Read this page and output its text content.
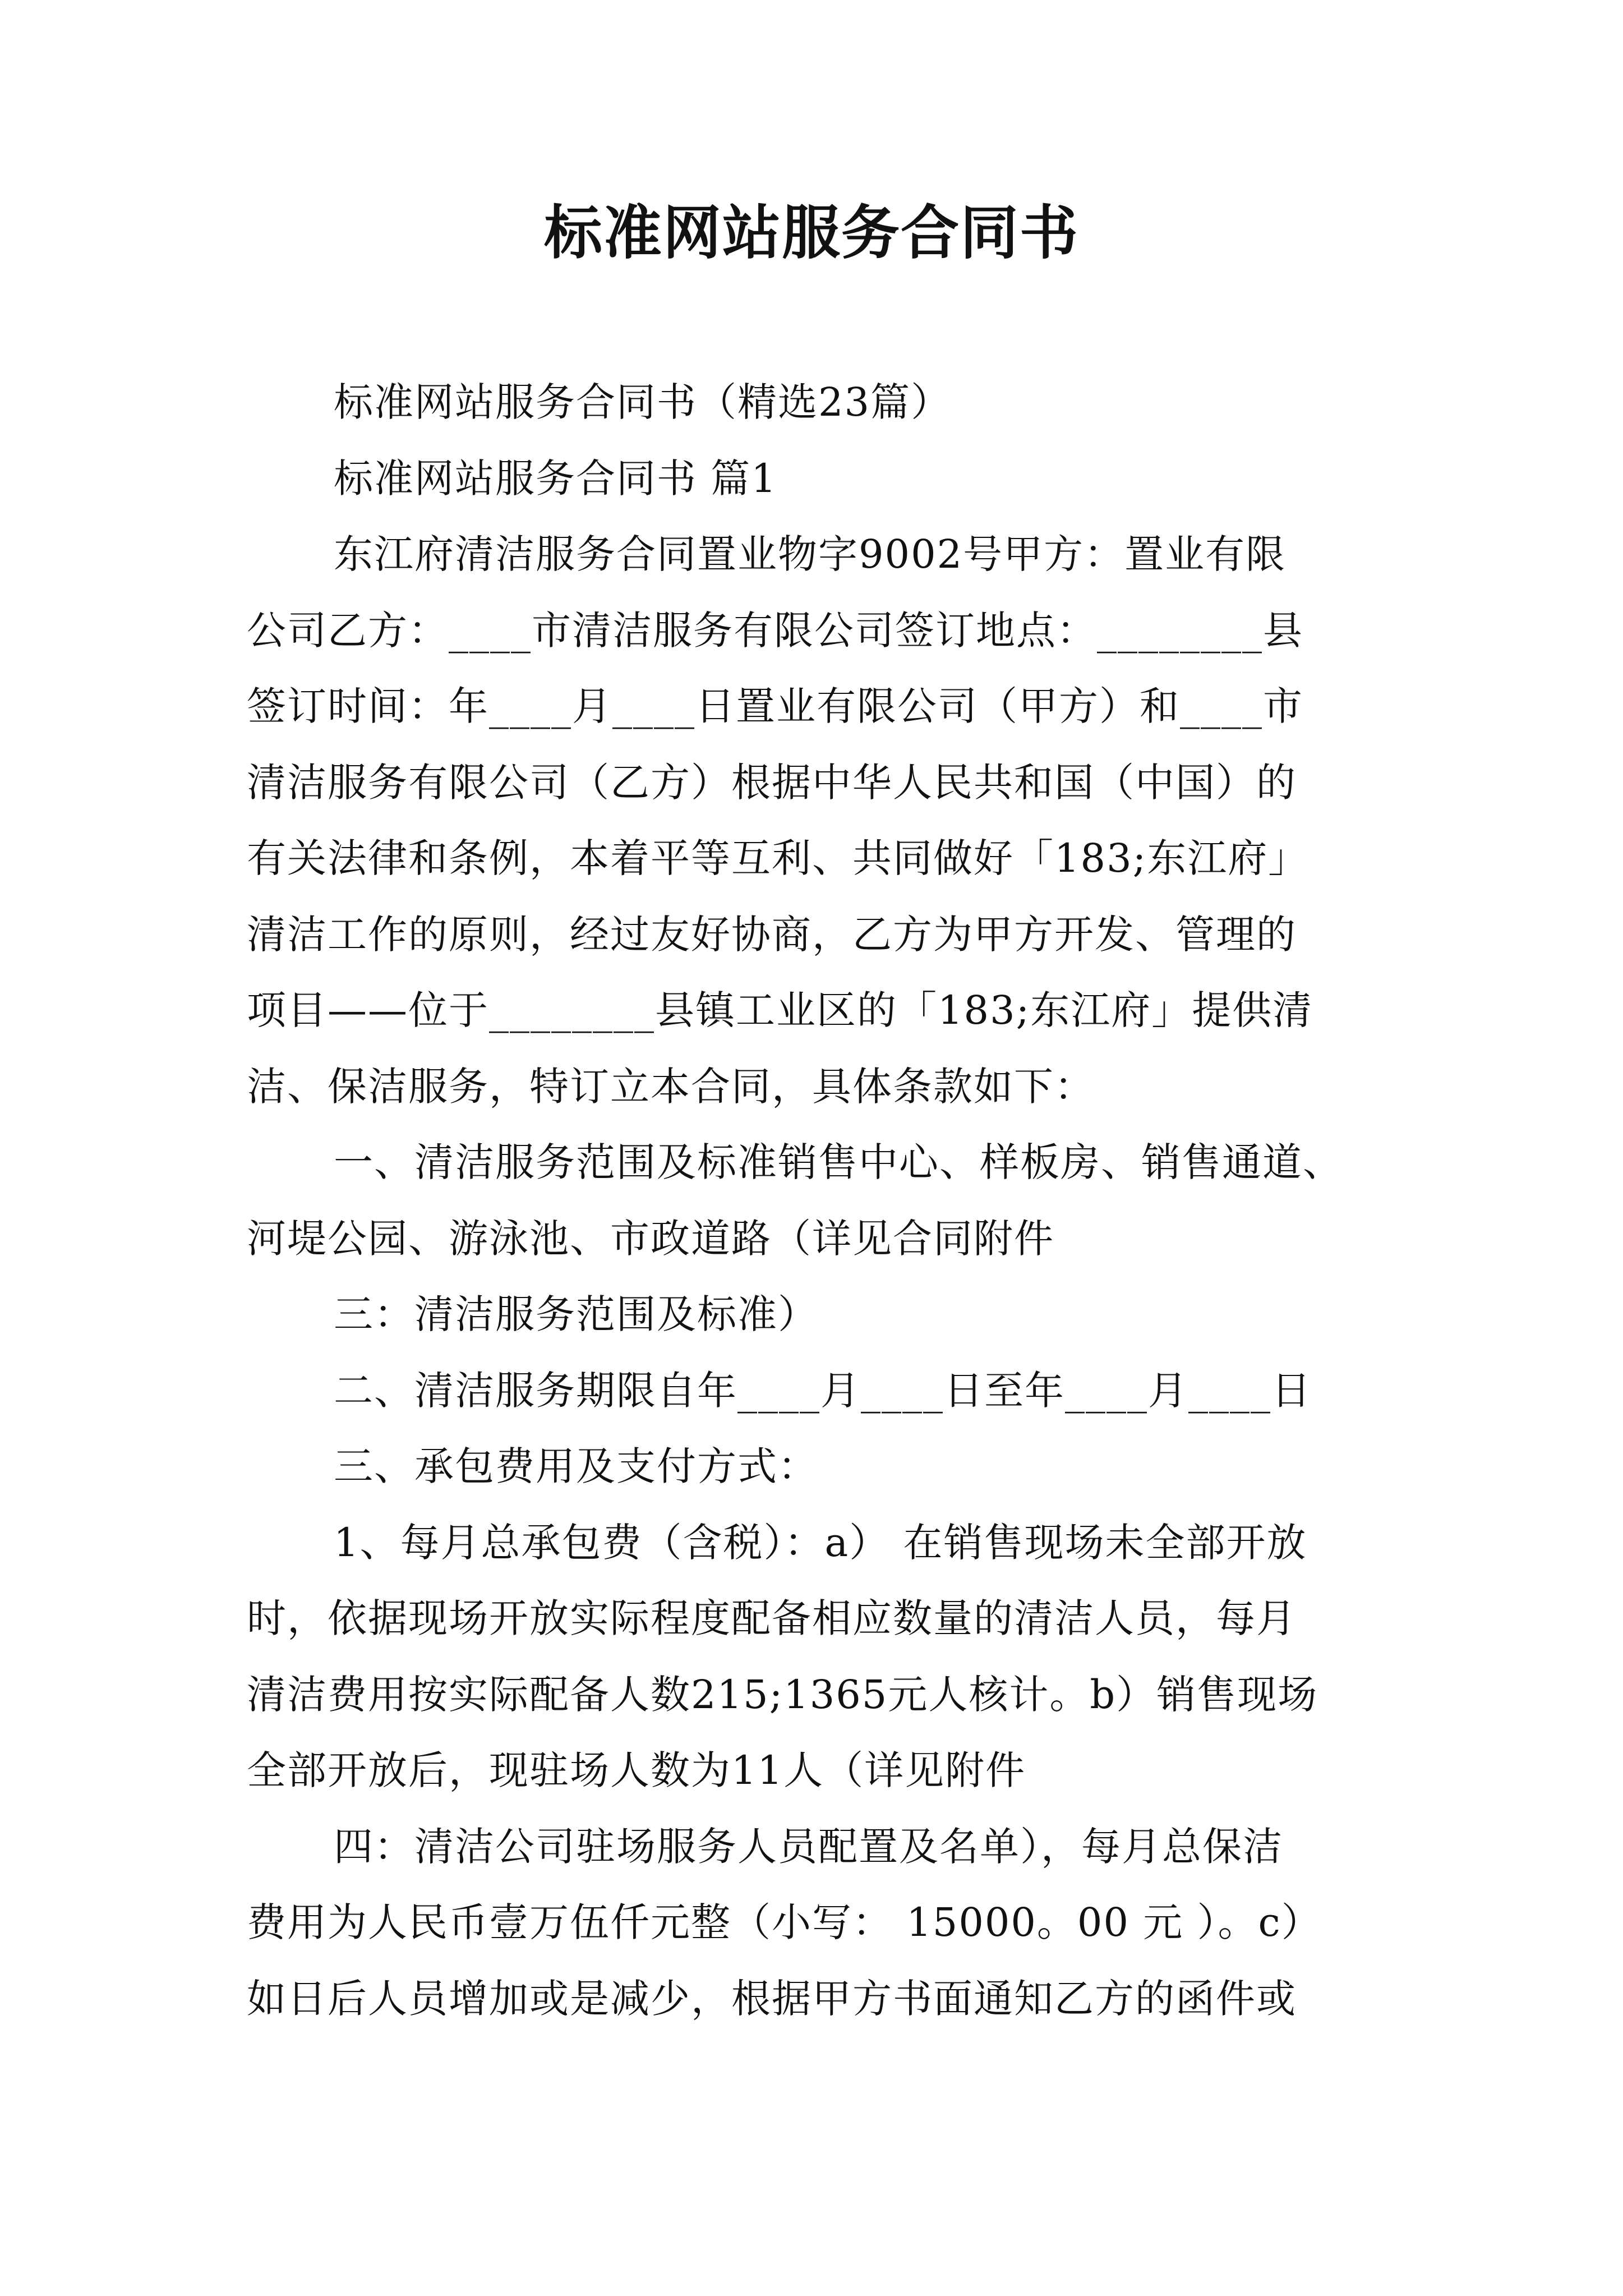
标准网站服务合同书
标准网站服务合同书（精选23篇）
标准网站服务合同书 篇1
东江府清洁服务合同置业物字9002号甲方：置业有限
公司乙方：____市清洁服务有限公司签订地点：________县
签订时间：年____月____日置业有限公司（甲方）和____市
清洁服务有限公司（乙方）根据中华人民共和国（中国）的
有关法律和条例，本着平等互利、共同做好「183;东江府」
清洁工作的原则，经过友好协商，乙方为甲方开发、管理的
项目——位于________县镇工业区的「183;东江府」提供清
洁、保洁服务，特订立本合同，具体条款如下：
一、清洁服务范围及标准销售中心、样板房、销售通道、
河堤公园、游泳池、市政道路（详见合同附件
三：清洁服务范围及标准）
二、清洁服务期限自年____月____日至年____月____日
三、承包费用及支付方式：
1、每月总承包费（含税）：a） 在销售现场未全部开放
时，依据现场开放实际程度配备相应数量的清洁人员，每月
清洁费用按实际配备人数215;1365元人核计。b）销售现场
全部开放后，现驻场人数为11人（详见附件
四：清洁公司驻场服务人员配置及名单），每月总保洁
费用为人民币壹万伍仟元整（小写： 15000。00 元 ）。c）
如日后人员增加或是减少，根据甲方书面通知乙方的函件或
